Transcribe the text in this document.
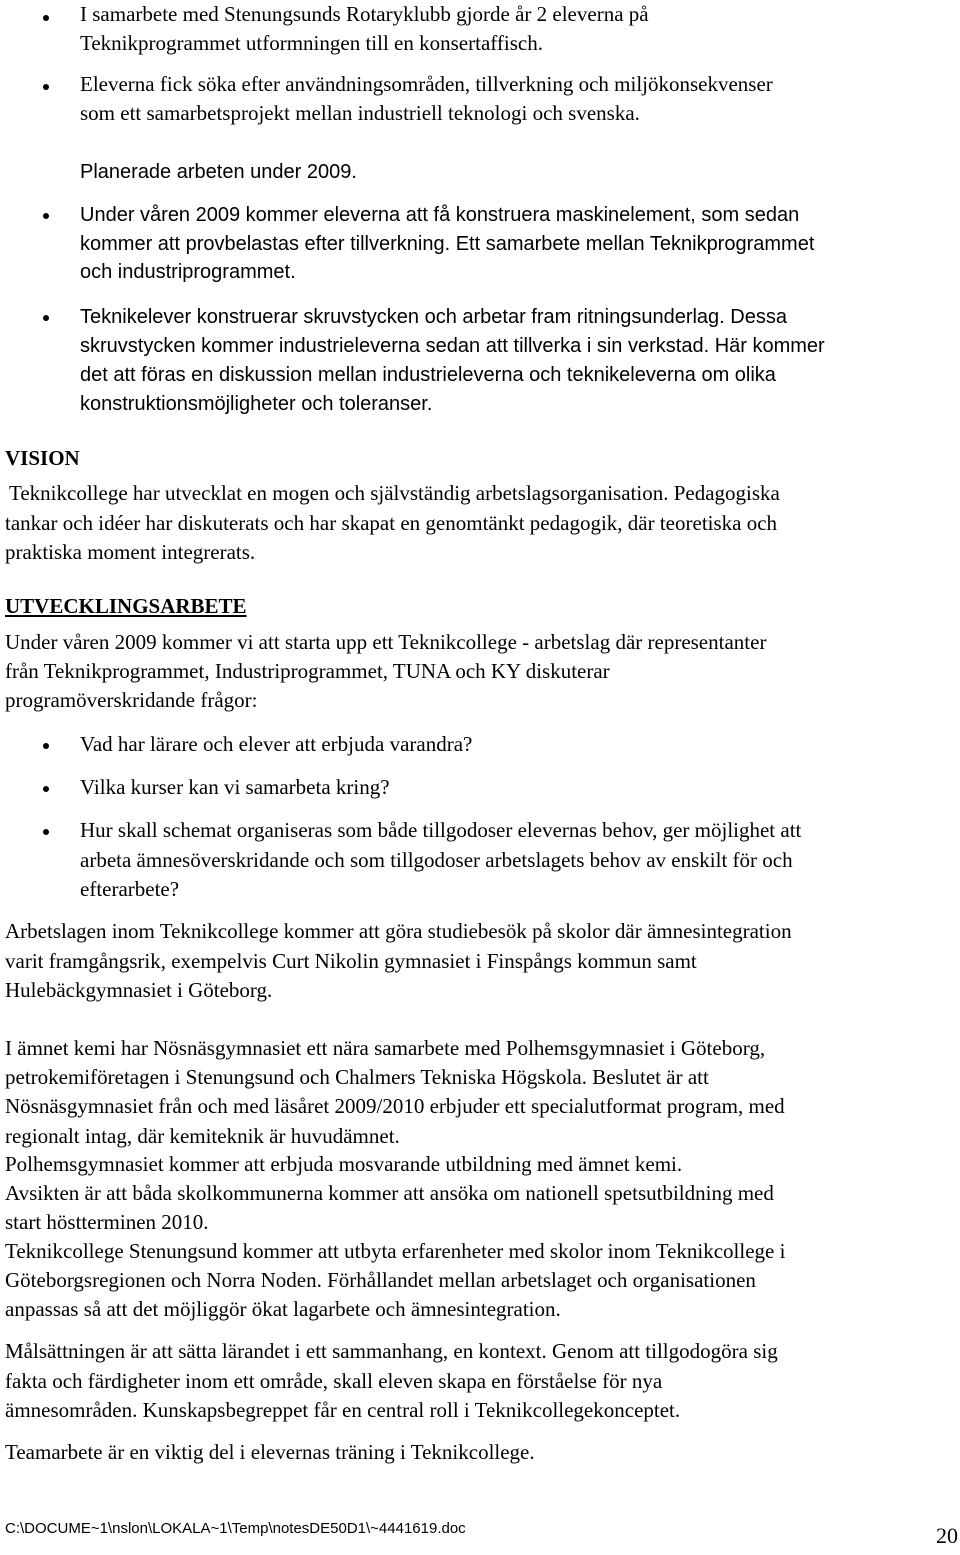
I samarbete med Stenungsunds Rotaryklubb gjorde år 2 eleverna på
Teknikprogrammet utformningen till en konsertaffisch.
Eleverna fick söka efter användningsområden, tillverkning och miljökonsekvenser
som ett samarbetsprojekt mellan industriell teknologi och svenska.
Planerade arbeten under 2009.
Under våren 2009 kommer eleverna att få konstruera maskinelement, som sedan
kommer att provbelastas efter tillverkning. Ett samarbete mellan Teknikprogrammet
och industriprogrammet.
Teknikelever konstruerar skruvstycken och arbetar fram ritningsunderlag. Dessa
skruvstycken kommer industrieleverna sedan att tillverka i sin verkstad. Här kommer
det att föras en diskussion mellan industrieleverna och teknikeleverna om olika
konstruktionsmöjligheter och toleranser.
VISION
Teknikcollege har utvecklat en mogen och självständig arbetslagsorganisation. Pedagogiska
tankar och idéer har diskuterats och har skapat en genomtänkt pedagogik, där teoretiska och
praktiska moment integrerats.
UTVECKLINGSARBETE
Under våren 2009 kommer vi att starta upp ett Teknikcollege - arbetslag där representanter
från Teknikprogrammet, Industriprogrammet, TUNA och KY diskuterar
programöverskridande frågor:
Vad har lärare och elever att erbjuda varandra?
Vilka kurser kan vi samarbeta kring?
Hur skall schemat organiseras som både tillgodoser elevernas behov, ger möjlighet att
arbeta ämnesöverskridande och som tillgodoser arbetslagets behov av enskilt för och
efterarbete?
Arbetslagen inom Teknikcollege kommer att göra studiebesök på skolor där ämnesintegration
varit framgångsrik, exempelvis Curt Nikolin gymnasiet i Finspångs kommun samt
Hulebäckgymnasiet i Göteborg.
I ämnet kemi har Nösnäsgymnasiet ett nära samarbete med Polhemsgymnasiet i Göteborg,
petrokemiföretagen i Stenungsund och Chalmers Tekniska Högskola. Beslutet är att
Nösnäsgymnasiet från och med läsåret 2009/2010 erbjuder ett specialutformat program, med
regionalt intag, där kemiteknik är huvudämnet.
Polhemsgymnasiet kommer att erbjuda mosvarande utbildning med ämnet kemi.
Avsikten är att båda skolkommunerna kommer att ansöka om nationell spetsutbildning med
start höstterminen 2010.
Teknikcollege Stenungsund kommer att utbyta erfarenheter med skolor inom Teknikcollege i
Göteborgsregionen och Norra Noden. Förhållandet mellan arbetslaget och organisationen
anpassas så att det möjliggör ökat lagarbete och ämnesintegration.
Målsättningen är att sätta lärandet i ett sammanhang, en kontext. Genom att tillgodogöra sig
fakta och färdigheter inom ett område, skall eleven skapa en förståelse för nya
ämnesområden. Kunskapsbegreppet får en central roll i Teknikcollegekonceptet.
Teamarbete är en viktig del i elevernas träning i Teknikcollege.
C:\DOCUME~1\nslon\LOKALA~1\Temp\notesDE50D1\~4441619.doc	20
